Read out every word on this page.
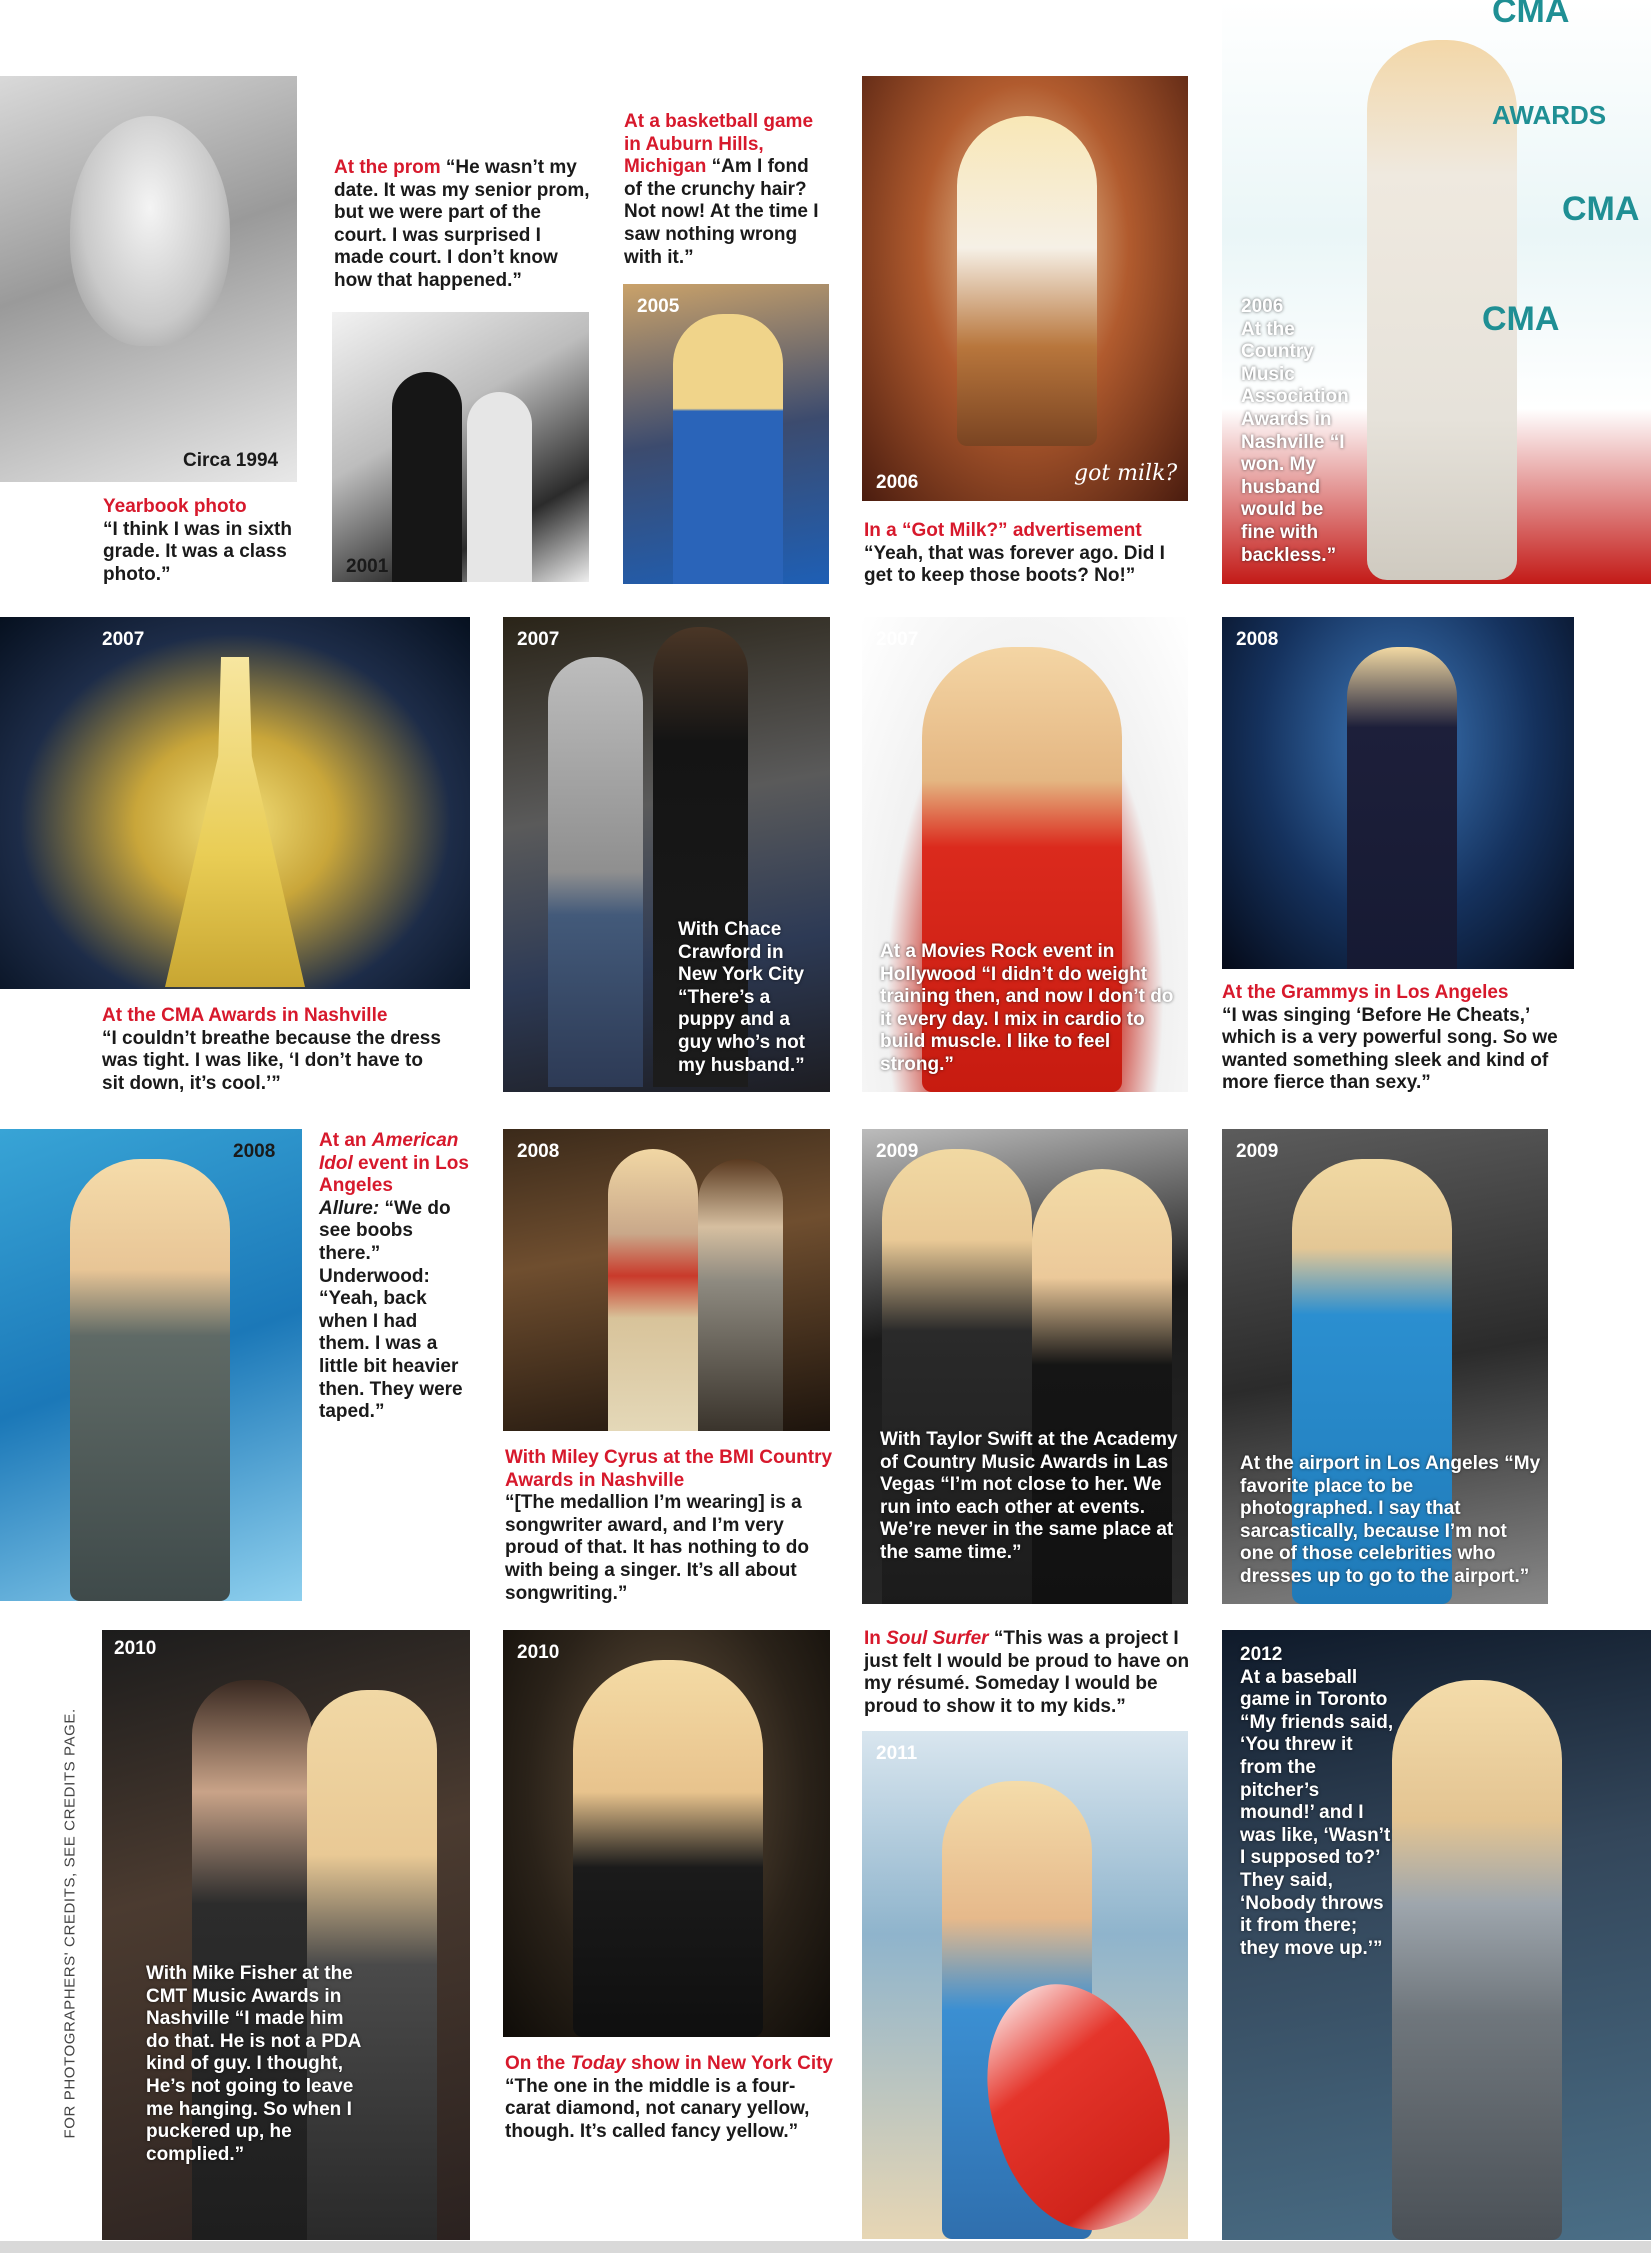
Circa 1994
Yearbook photo
“I think I was in sixth grade. It was a class photo.”
At the prom “He wasn’t my date. It was my senior prom, but we were part of the court. I was surprised I made court. I don’t know how that happened.”
2001
At a basketball game in Auburn Hills, Michigan “Am I fond of the crunchy hair? Not now! At the time I saw nothing wrong with it.”
2005
got milk?
2006
In a “Got Milk?” advertisement
“Yeah, that was forever ago. Did I get to keep those boots? No!”
CMA
CMA
CMA
AWARDS
2006
At the Country Music Association Awards in Nashville “I won. My husband would be fine with backless.”
2007
At the CMA Awards in Nashville
“I couldn’t breathe because the dress was tight. I was like, ‘I don’t have to sit down, it’s cool.’”
2007
With Chace Crawford in New York City “There’s a puppy and a guy who’s not my husband.”
2007
At a Movies Rock event in Hollywood “I didn’t do weight training then, and now I don’t do it every day. I mix in cardio to build muscle. I like to feel strong.”
2008
At the Grammys in Los Angeles
“I was singing ‘Before He Cheats,’ which is a very powerful song. So we wanted something sleek and kind of more fierce than sexy.”
2008
At an American Idol event in Los Angeles
Allure: “We do see boobs there.” Underwood: “Yeah, back when I had them. I was a little bit heavier then. They were taped.”
2008
With Miley Cyrus at the BMI Country Awards in Nashville
“[The medallion I’m wearing] is a songwriter award, and I’m very proud of that. It has nothing to do with being a singer. It’s all about songwriting.”
2009
With Taylor Swift at the Academy of Country Music Awards in Las Vegas “I’m not close to her. We run into each other at events. We’re never in the same place at the same time.”
2009
At the airport in Los Angeles “My favorite place to be photographed. I say that sarcastically, because I’m not one of those celebrities who dresses up to go to the airport.”
FOR PHOTOGRAPHERS' CREDITS, SEE CREDITS PAGE.
2010
With Mike Fisher at the CMT Music Awards in Nashville “I made him do that. He is not a PDA kind of guy. I thought, He’s not going to leave me hanging. So when I puckered up, he complied.”
2010
On the Today show in New York City “The one in the middle is a four-carat diamond, not canary yellow, though. It’s called fancy yellow.”
In Soul Surfer “This was a project I just felt I would be proud to have on my résumé. Someday I would be proud to show it to my kids.”
2011
2012
At a baseball game in Toronto “My friends said, ‘You threw it from the pitcher’s mound!’ and I was like, ‘Wasn’t I supposed to?’ They said, ‘Nobody throws it from there; they move up.’”
